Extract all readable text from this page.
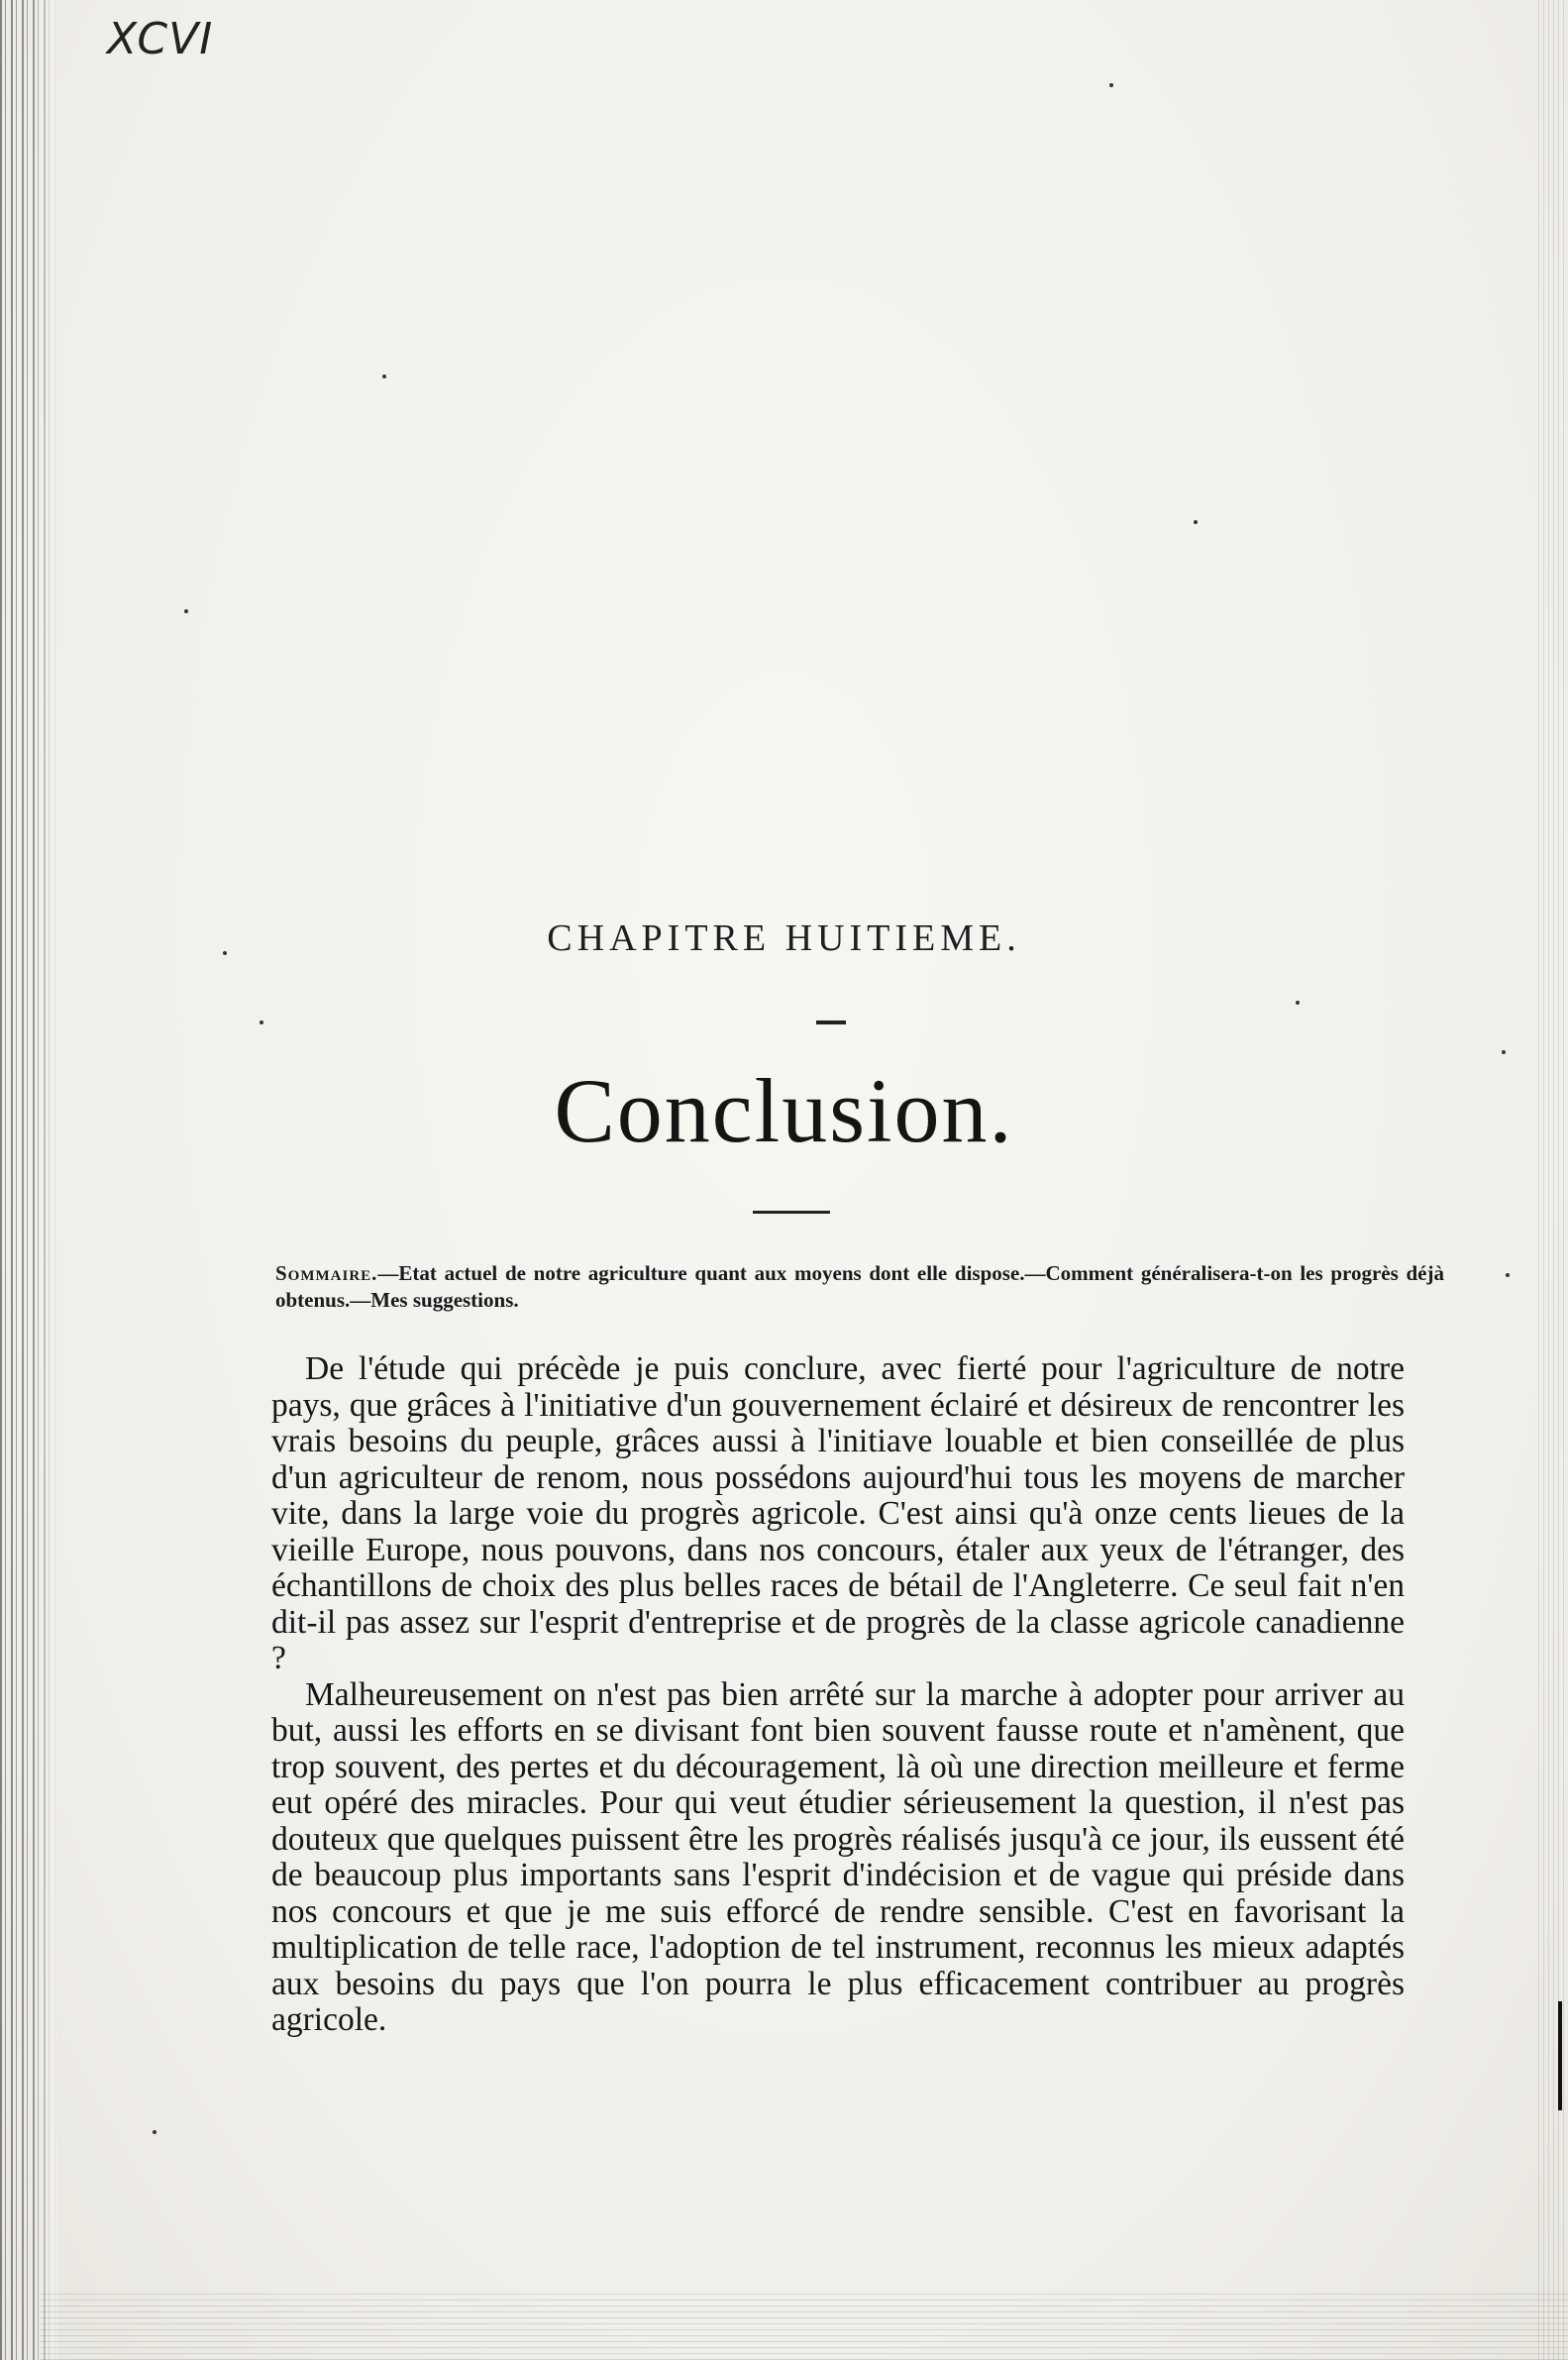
XCVI
CHAPITRE HUITIEME.
Conclusion.
Sommaire.—Etat actuel de notre agriculture quant aux moyens dont elle dispose.—Comment généralisera-t-on les progrès déjà obtenus.—Mes suggestions.

De l'étude qui précède je puis conclure, avec fierté pour l'agriculture de notre pays, que grâces à l'initiative d'un gouvernement éclairé et désireux de rencontrer les vrais besoins du peuple, grâces aussi à l'initiave louable et bien conseillée de plus d'un agriculteur de renom, nous possédons aujourd'hui tous les moyens de marcher vite, dans la large voie du progrès agricole. C'est ainsi qu'à onze cents lieues de la vieille Europe, nous pouvons, dans nos concours, étaler aux yeux de l'étranger, des échantillons de choix des plus belles races de bétail de l'Angleterre. Ce seul fait n'en dit-il pas assez sur l'esprit d'entreprise et de progrès de la classe agricole canadienne ?

Malheureusement on n'est pas bien arrêté sur la marche à adopter pour arriver au but, aussi les efforts en se divisant font bien souvent fausse route et n'amènent, que trop souvent, des pertes et du découragement, là où une direction meilleure et ferme eut opéré des miracles. Pour qui veut étudier sérieusement la question, il n'est pas douteux que quelques puissent être les progrès réalisés jusqu'à ce jour, ils eussent été de beaucoup plus importants sans l'esprit d'indécision et de vague qui préside dans nos concours et que je me suis efforcé de rendre sensible. C'est en favorisant la multiplication de telle race, l'adoption de tel instrument, reconnus les mieux adaptés aux besoins du pays que l'on pourra le plus efficacement contribuer au progrès agricole.
